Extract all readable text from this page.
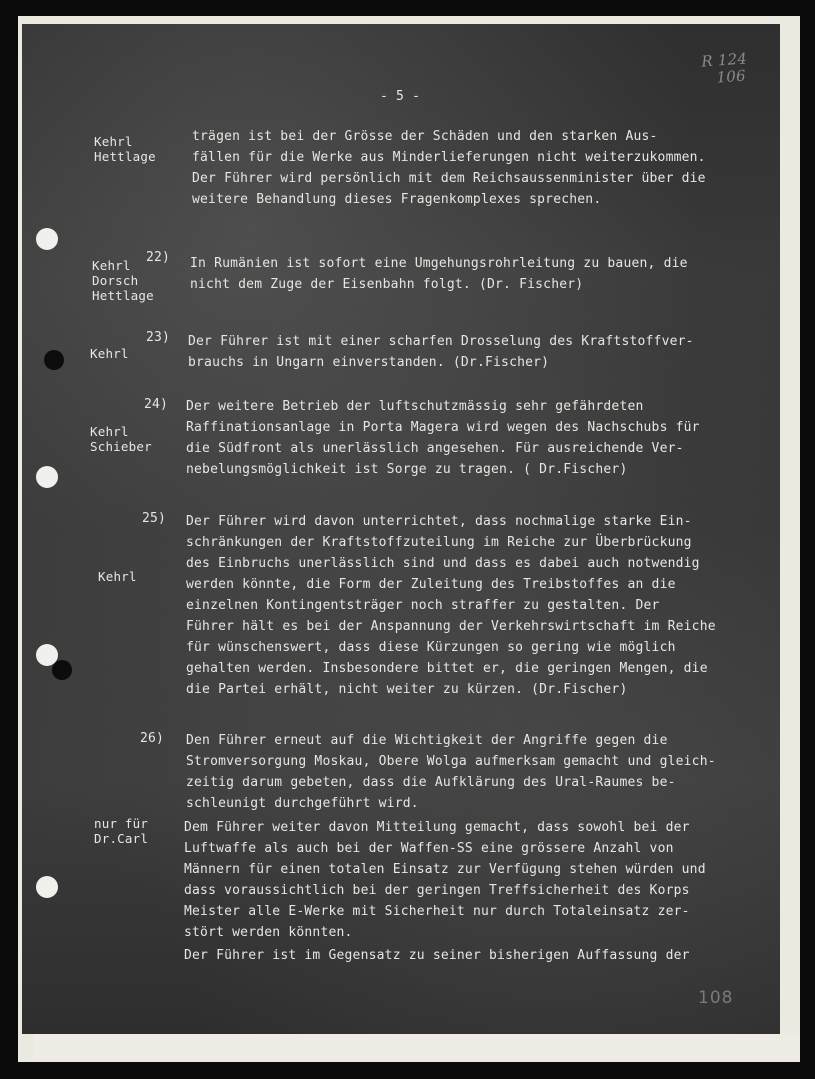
R 124
106
- 5 -
Kehrl
Hettlage
trägen ist bei der Grösse der Schäden und den starken Aus-
fällen für die Werke aus Minderlieferungen nicht weiterzukommen.
Der Führer wird persönlich mit dem Reichsaussenminister über die
weitere Behandlung dieses Fragenkomplexes sprechen.
22)
Kehrl
Dorsch
Hettlage
In Rumänien ist sofort eine Umgehungsrohrleitung zu bauen, die
nicht dem Zuge der Eisenbahn folgt. (Dr. Fischer)
23)
Kehrl
Der Führer ist mit einer scharfen Drosselung des Kraftstoffver-
brauchs in Ungarn einverstanden. (Dr.Fischer)
24)
Kehrl
Schieber
Der weitere Betrieb der luftschutzmässig sehr gefährdeten
Raffinationsanlage in Porta Magera wird wegen des Nachschubs für
die Südfront als unerlässlich angesehen. Für ausreichende Ver-
nebelungsmöglichkeit ist Sorge zu tragen. ( Dr.Fischer)
25)
Kehrl
Der Führer wird davon unterrichtet, dass nochmalige starke Ein-
schränkungen der Kraftstoffzuteilung im Reiche zur Überbrückung
des Einbruchs unerlässlich sind und dass es dabei auch notwendig
werden könnte, die Form der Zuleitung des Treibstoffes an die
einzelnen Kontingentsträger noch straffer zu gestalten. Der
Führer hält es bei der Anspannung der Verkehrswirtschaft im Reiche
für wünschenswert, dass diese Kürzungen so gering wie möglich
gehalten werden. Insbesondere bittet er, die geringen Mengen, die
die Partei erhält, nicht weiter zu kürzen. (Dr.Fischer)
26)
nur für
Dr.Carl
Den Führer erneut auf die Wichtigkeit der Angriffe gegen die
Stromversorgung Moskau, Obere Wolga aufmerksam gemacht und gleich-
zeitig darum gebeten, dass die Aufklärung des Ural-Raumes be-
schleunigt durchgeführt wird.
Dem Führer weiter davon Mitteilung gemacht, dass sowohl bei der
Luftwaffe als auch bei der Waffen-SS eine grössere Anzahl von
Männern für einen totalen Einsatz zur Verfügung stehen würden und
dass voraussichtlich bei der geringen Treffsicherheit des Korps
Meister alle E-Werke mit Sicherheit nur durch Totaleinsatz zer-
stört werden könnten.
Der Führer ist im Gegensatz zu seiner bisherigen Auffassung der
108
